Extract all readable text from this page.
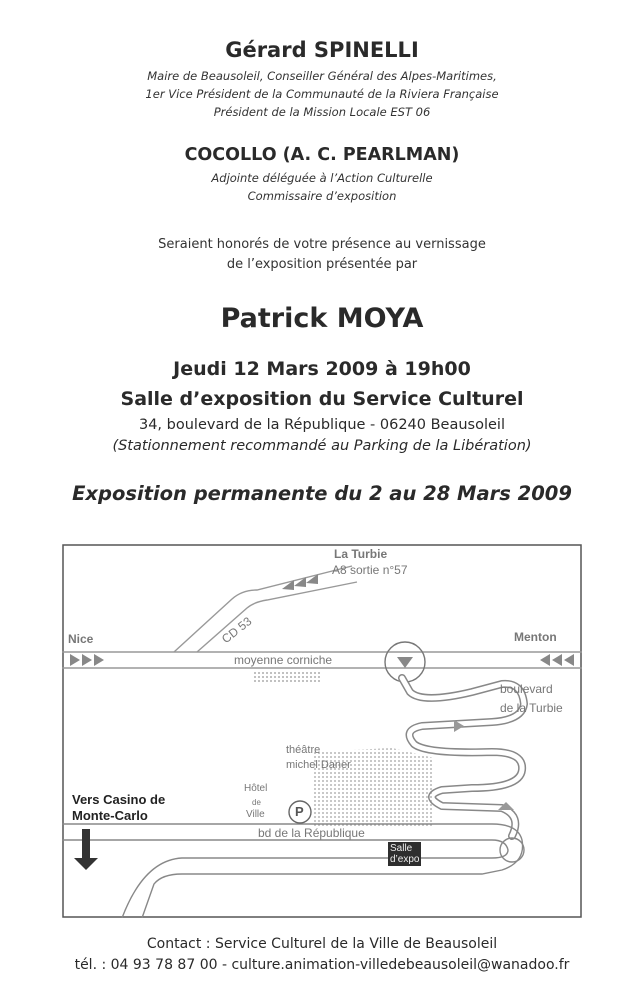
Gérard SPINELLI
Maire de Beausoleil, Conseiller Général des Alpes-Maritimes,
1er Vice Président de la Communauté de la Riviera Française
Président de la Mission Locale EST 06
COCOLLO (A. C. PEARLMAN)
Adjointe déléguée à l’Action Culturelle
Commissaire d’exposition
Seraient honorés de votre présence au vernissage
de l’exposition présentée par
Patrick MOYA
Jeudi 12 Mars 2009 à 19h00
Salle d’exposition du Service Culturel
34, boulevard de la République - 06240 Beausoleil
(Stationnement recommandé au Parking de la Libération)
Exposition permanente du 2 au 28 Mars 2009
La Turbie
A8 sortie n°57
CD 53
Nice	Menton
moyenne corniche
boulevard
de la Turbie
théâtre
michel Daner
Hôtel
de
Ville P
Vers Casino de
Monte-Carlo
bd de la République
Salle
d’expo
Contact : Service Culturel de la Ville de Beausoleil
tél. : 04 93 78 87 00 - culture.animation-villedebeausoleil@wanadoo.fr
